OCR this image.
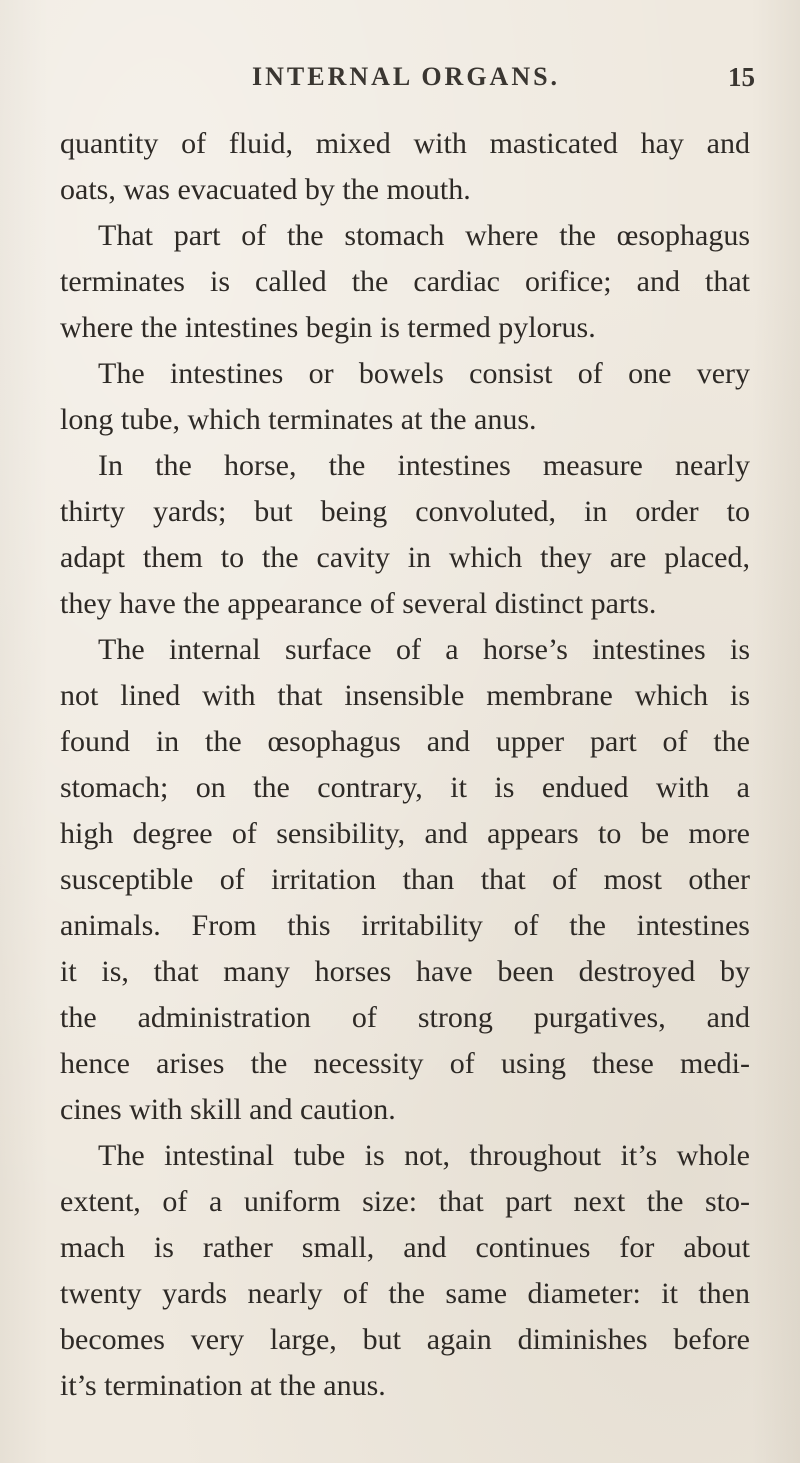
INTERNAL ORGANS.	15
quantity of fluid, mixed with masticated hay and
oats, was evacuated by the mouth.
That part of the stomach where the œsophagus
terminates is called the cardiac orifice; and that
where the intestines begin is termed pylorus.
The intestines or bowels consist of one very
long tube, which terminates at the anus.
In the horse, the intestines measure nearly
thirty yards; but being convoluted, in order to
adapt them to the cavity in which they are placed,
they have the appearance of several distinct parts.
The internal surface of a horse’s intestines is
not lined with that insensible membrane which is
found in the œsophagus and upper part of the
stomach; on the contrary, it is endued with a
high degree of sensibility, and appears to be more
susceptible of irritation than that of most other
animals. From this irritability of the intestines
it is, that many horses have been destroyed by
the administration of strong purgatives, and
hence arises the necessity of using these medi-
cines with skill and caution.
The intestinal tube is not, throughout it’s whole
extent, of a uniform size: that part next the sto-
mach is rather small, and continues for about
twenty yards nearly of the same diameter: it then
becomes very large, but again diminishes before
it’s termination at the anus.
